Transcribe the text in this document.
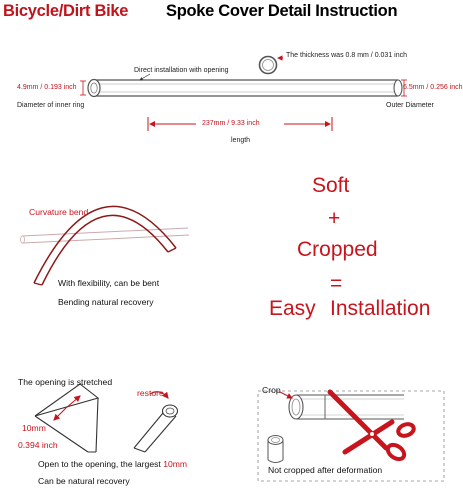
Bicycle/Dirt Bike Spoke Cover Detail Instruction
The thickness was 0.8 mm / 0.031 inch
Direct installation with opening
4.9mm / 0.193 inch
Diameter of inner ring
6.5mm / 0.256 inch
Outer Diameter
237mm / 9.33 inch
length
Curvature bend
With flexibility, can be bent
Bending natural recovery
Soft
+
Cropped
=
Easy Installation
The opening is stretched
restore
10mm
0.394 inch
Open to the opening, the largest 10mm
Can be natural recovery
Crop
Not cropped after deformation
